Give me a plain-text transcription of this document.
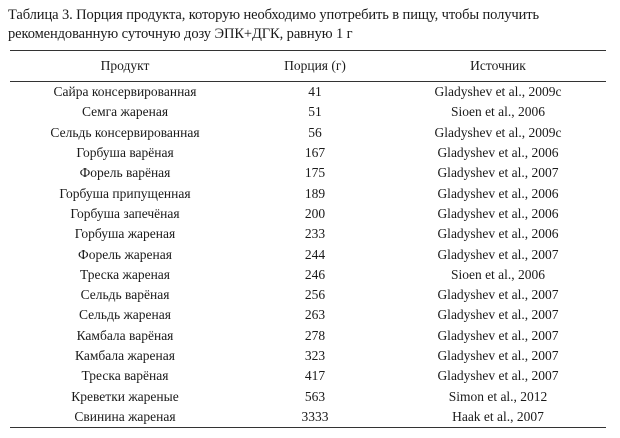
Таблица 3. Порция продукта, которую необходимо употребить в пищу, чтобы получить рекомендованную суточную дозу ЭПК+ДГК, равную 1 г

Продукт	Порция (г)	Источник
Сайра консервированная	41	Gladyshev et al., 2009c
Семга жареная	51	Sioen et al., 2006
Сельдь консервированная	56	Gladyshev et al., 2009c
Горбуша варёная	167	Gladyshev et al., 2006
Форель варёная	175	Gladyshev et al., 2007
Горбуша припущенная	189	Gladyshev et al., 2006
Горбуша запечёная	200	Gladyshev et al., 2006
Горбуша жареная	233	Gladyshev et al., 2006
Форель жареная	244	Gladyshev et al., 2007
Треска жареная	246	Sioen et al., 2006
Сельдь варёная	256	Gladyshev et al., 2007
Сельдь жареная	263	Gladyshev et al., 2007
Камбала варёная	278	Gladyshev et al., 2007
Камбала жареная	323	Gladyshev et al., 2007
Треска варёная	417	Gladyshev et al., 2007
Креветки жареные	563	Simon et al., 2012
Свинина жареная	3333	Haak et al., 2007
